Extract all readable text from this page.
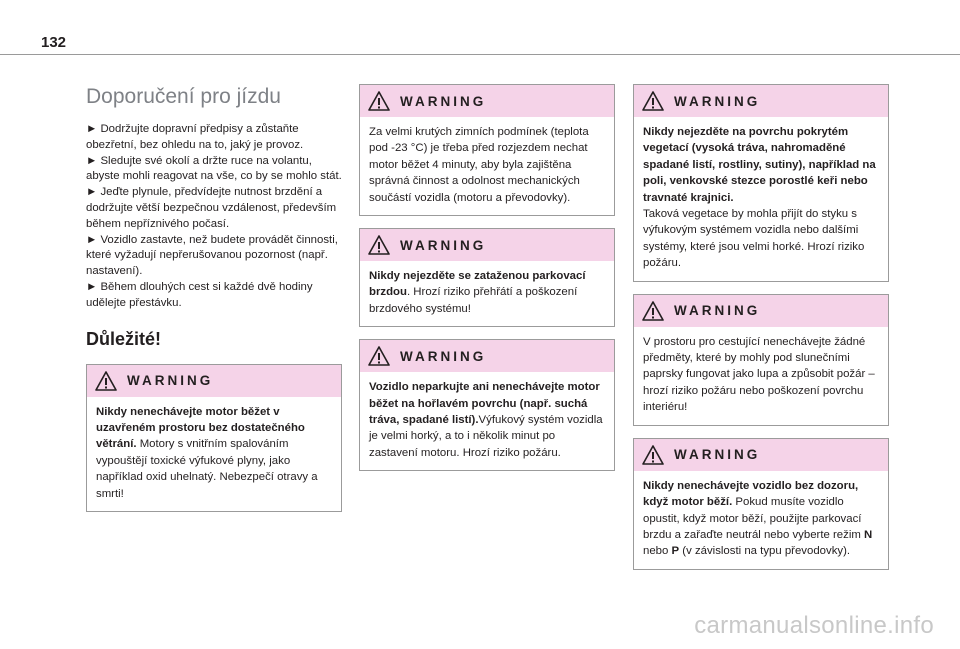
132
Doporučení pro jízdu

► Dodržujte dopravní předpisy a zůstaňte obezřetní, bez ohledu na to, jaký je provoz.

► Sledujte své okolí a držte ruce na volantu, abyste mohli reagovat na vše, co by se mohlo stát.

► Jeďte plynule, předvídejte nutnost brzdění a dodržujte větší bezpečnou vzdálenost, především během nepříznivého počasí.

► Vozidlo zastavte, než budete provádět činnosti, které vyžadují nepřerušovanou pozornost (např. nastavení).

► Během dlouhých cest si každé dvě hodiny udělejte přestávku.

Důležité!
WARNING
Nikdy nenechávejte motor běžet v uzavřeném prostoru bez dostatečného větrání. Motory s vnitřním spalováním vypouštějí toxické výfukové plyny, jako například oxid uhelnatý. Nebezpečí otravy a smrti!
WARNING
Za velmi krutých zimních podmínek (teplota pod -23 °C) je třeba před rozjezdem nechat motor běžet 4 minuty, aby byla zajištěna správná činnost a odolnost mechanických součástí vozidla (motoru a převodovky).
WARNING
Nikdy nejezděte se zataženou parkovací brzdou. Hrozí riziko přehřátí a poškození brzdového systému!
WARNING
Vozidlo neparkujte ani nenechávejte motor běžet na hořlavém povrchu (např. suchá tráva, spadané listí).Výfukový systém vozidla je velmi horký, a to i několik minut po zastavení motoru. Hrozí riziko požáru.
WARNING
Nikdy nejezděte na povrchu pokrytém vegetací (vysoká tráva, nahromaděné spadané listí, rostliny, sutiny), například na poli, venkovské stezce porostlé keři nebo travnaté krajnici.
Taková vegetace by mohla přijít do styku s výfukovým systémem vozidla nebo dalšími systémy, které jsou velmi horké. Hrozí riziko požáru.
WARNING
V prostoru pro cestující nenechávejte žádné předměty, které by mohly pod slunečními paprsky fungovat jako lupa a způsobit požár –hrozí riziko požáru nebo poškození povrchu interiéru!
WARNING
Nikdy nenechávejte vozidlo bez dozoru, když motor běží. Pokud musíte vozidlo opustit, když motor běží, použijte parkovací brzdu a zařaďte neutrál nebo vyberte režim N nebo P (v závislosti na typu převodovky).
carmanualsonline.info
